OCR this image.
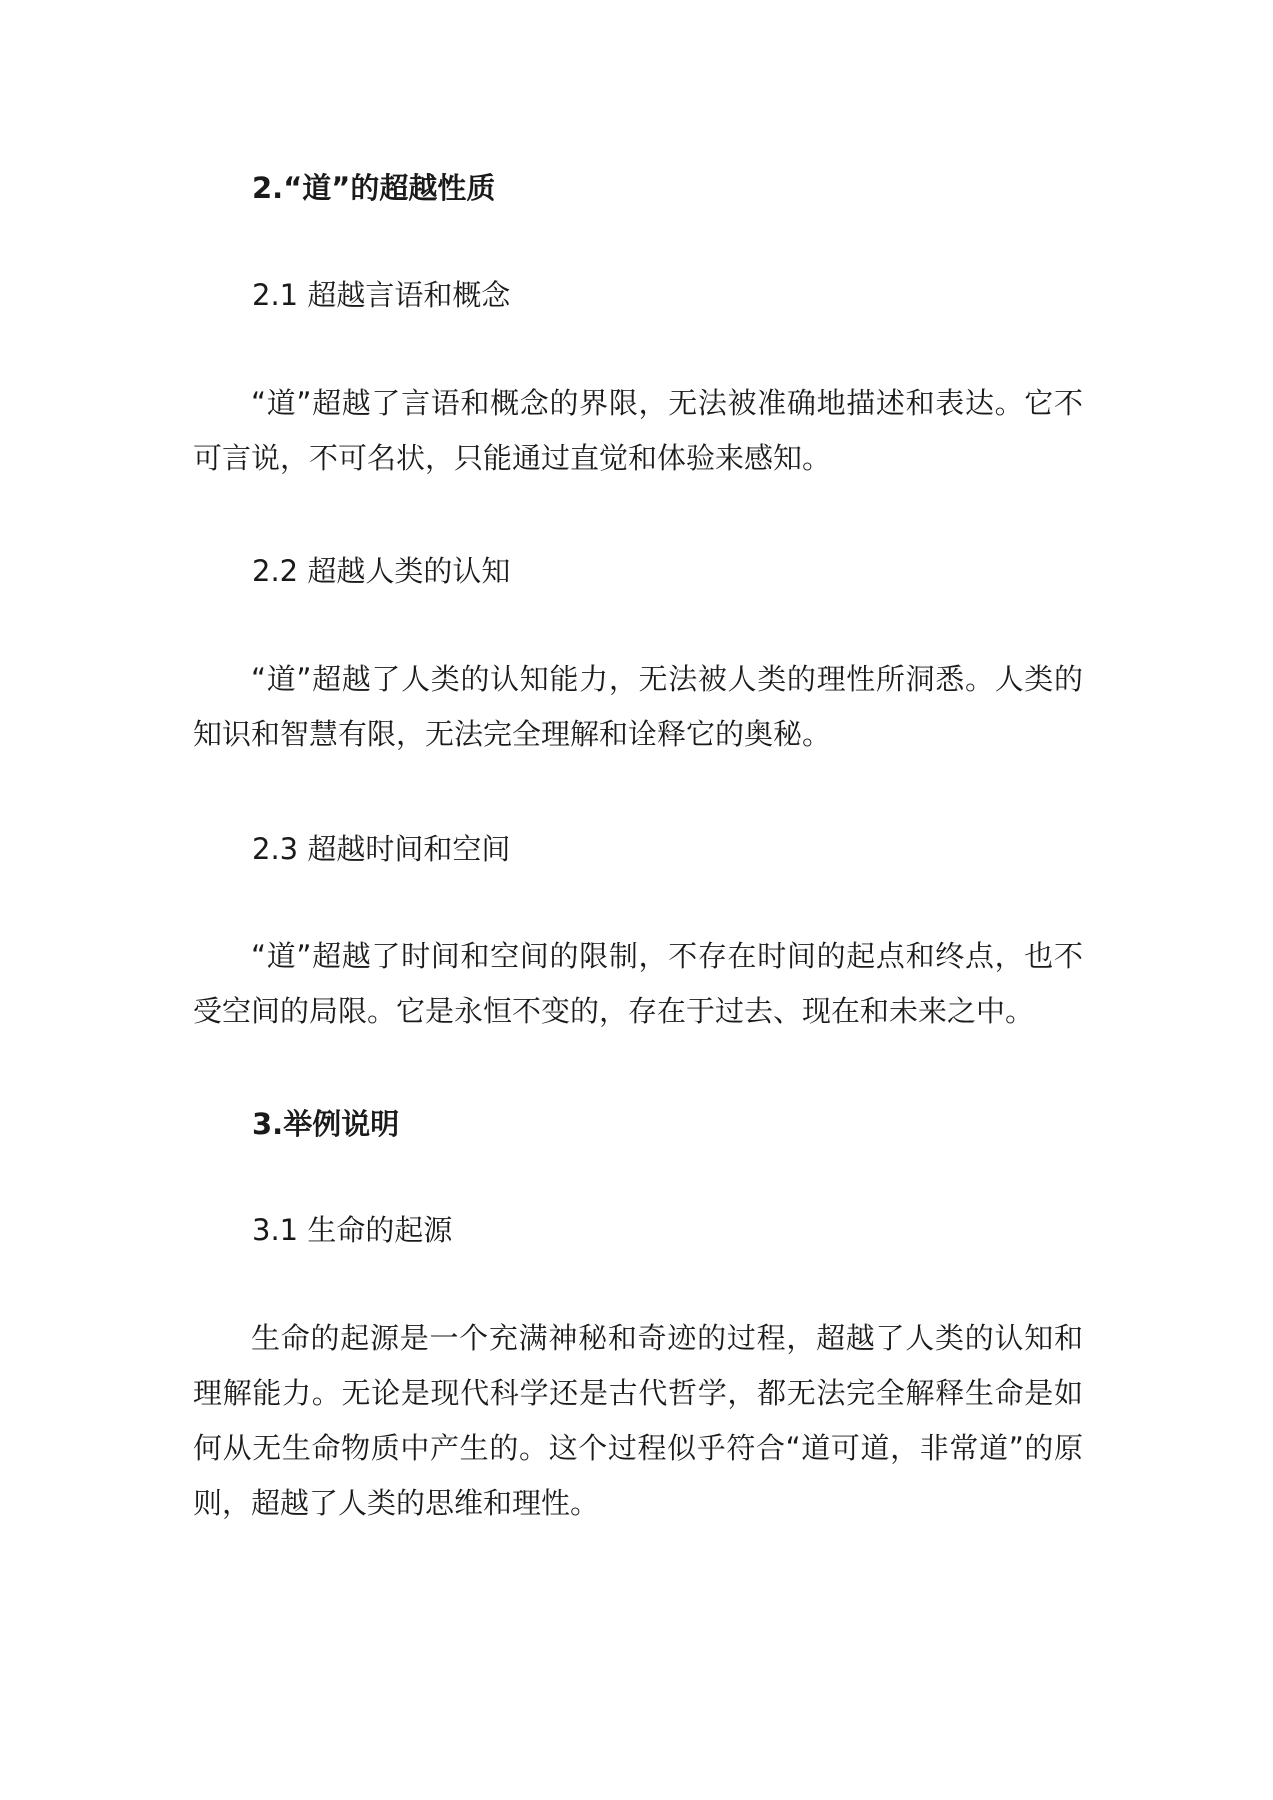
2.“道”的超越性质
2.1 超越言语和概念
“道”超越了言语和概念的界限，无法被准确地描述和表达。它不可言说，不可名状，只能通过直觉和体验来感知。
2.2 超越人类的认知
“道”超越了人类的认知能力，无法被人类的理性所洞悉。人类的知识和智慧有限，无法完全理解和诠释它的奥秘。
2.3 超越时间和空间
“道”超越了时间和空间的限制，不存在时间的起点和终点，也不受空间的局限。它是永恒不变的，存在于过去、现在和未来之中。
3.举例说明
3.1 生命的起源
生命的起源是一个充满神秘和奇迹的过程，超越了人类的认知和理解能力。无论是现代科学还是古代哲学，都无法完全解释生命是如何从无生命物质中产生的。这个过程似乎符合“道可道，非常道”的原则，超越了人类的思维和理性。
